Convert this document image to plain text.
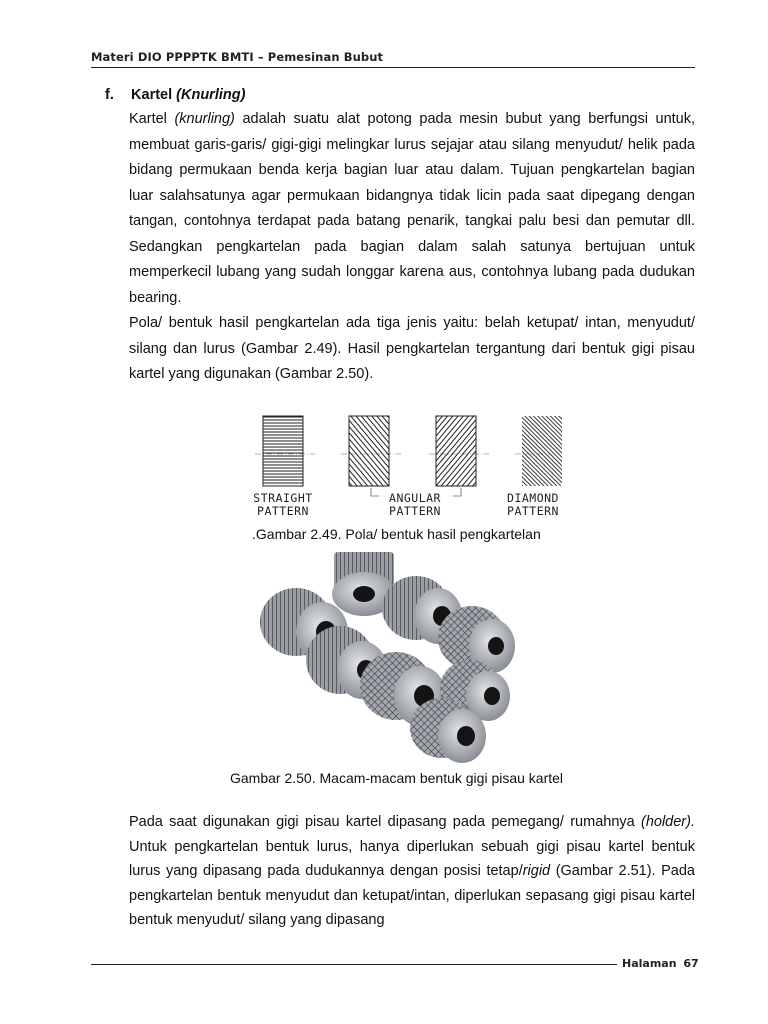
Materi DIO PPPPTK BMTI – Pemesinan Bubut
f. Kartel (Knurling)
Kartel (knurling) adalah suatu alat potong pada mesin bubut yang berfungsi untuk, membuat garis-garis/ gigi-gigi melingkar lurus sejajar atau silang menyudut/ helik pada bidang permukaan benda kerja bagian luar atau dalam. Tujuan pengkartelan bagian luar salahsatunya agar permukaan bidangnya tidak licin pada saat dipegang dengan tangan, contohnya terdapat pada batang penarik, tangkai palu besi dan pemutar dll. Sedangkan pengkartelan pada bagian dalam salah satunya bertujuan untuk memperkecil lubang yang sudah longgar karena aus, contohnya lubang pada dudukan bearing.
Pola/ bentuk hasil pengkartelan ada tiga jenis yaitu: belah ketupat/ intan, menyudut/ silang dan lurus (Gambar 2.49). Hasil pengkartelan tergantung dari bentuk gigi pisau kartel yang digunakan (Gambar 2.50).
STRAIGHT
PATTERN
ANGULAR
PATTERN
DIAMOND
PATTERN
.Gambar 2.49. Pola/ bentuk hasil pengkartelan
Gambar 2.50. Macam-macam bentuk gigi pisau kartel
Pada saat digunakan gigi pisau kartel dipasang pada pemegang/ rumahnya (holder). Untuk pengkartelan bentuk lurus, hanya diperlukan sebuah gigi pisau kartel bentuk lurus yang dipasang pada dudukannya dengan posisi tetap/rigid (Gambar 2.51). Pada pengkartelan bentuk menyudut dan ketupat/intan, diperlukan sepasang gigi pisau kartel bentuk menyudut/ silang yang dipasang
Halaman 67
